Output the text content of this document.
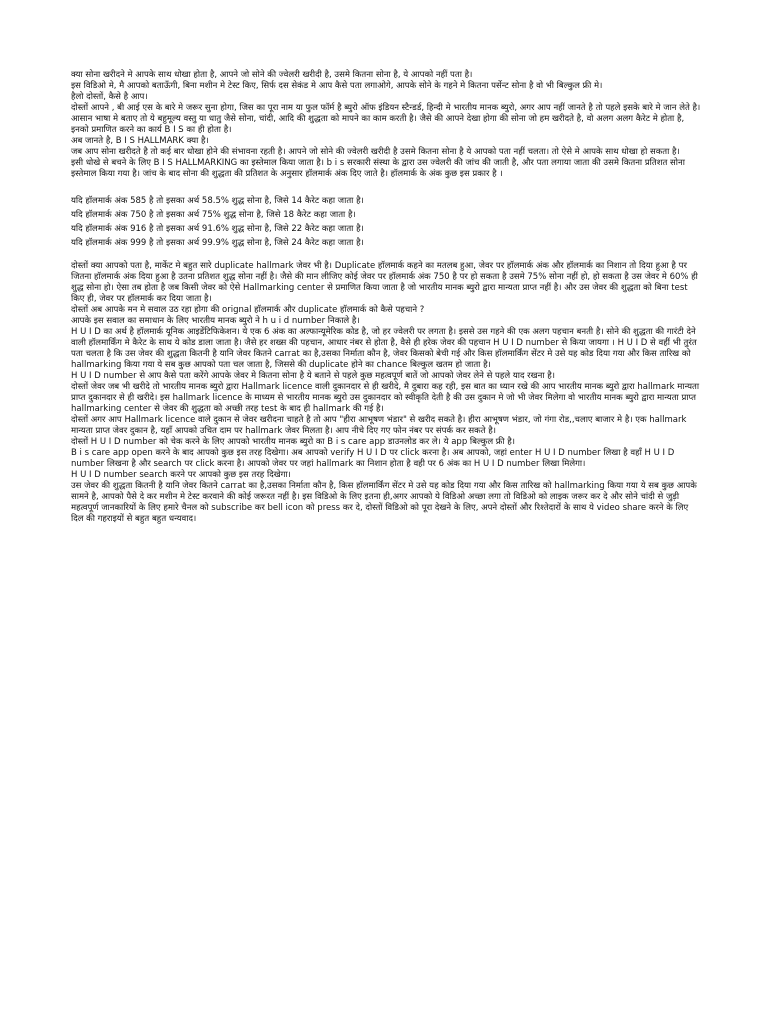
क्या सोना खरीदने मे आपके साथ धोखा होता है, आपने जो सोने की ज्वेलरी खरीदी है, उसमे कितना सोना है, ये आपको नहीं पता है।

इस विडिओ मे, मै आपको बताऊँगी, बिना मशीन मे टेस्ट किए, सिर्फ दस सेकंड मे आप कैसे पता लगाओगे, आपके सोने के गहने मे कितना पर्सेन्ट सोना है वो भी बिल्कुल फ्री मे।

हैलो दोस्तों, कैसे है आप।

दोस्तों आपने , बी आई एस के बारे मे जरूर सुना होगा, जिस का पूरा नाम या फुल फॉर्म है ब्युरो ऑफ इंडियन स्टैन्डर्ड, हिन्दी मे भारतीय मानक ब्युरो, अगर आप नहीं जानते है तो पहले इसके बारे मे जान लेते है। आसान भाषा मे बताए तो ये बहुमूल्य वस्तु या धातु जैसे सोना, चांदी, आदि की शुद्धता को मापने का काम करती है। जैसे की आपने देखा होगा की सोना जो हम खरीदते है, वो अलग अलग कैरेट मे होता है, इनको प्रमाणित करने का कार्य B I S का ही होता है।

अब जानते है, B I S HALLMARK क्या है।

जब आप सोना खरीदते है तो कई बार धोखा होने की संभावना रहती है। आपने जो सोने की ज्वेलरी खरीदी है उसमे कितना सोना है ये आपको पता नहीं चलता। तो ऐसे मे आपके साथ धोखा हो सकता है।

इसी धोखे से बचने के लिए B I S HALLMARKING का इस्तेमाल किया जाता है। b i s सरकारी संस्था के द्वारा उस ज्वेलरी की जांच की जाती है, और पता लगाया जाता की उसमे कितना प्रतिशत सोना इस्तेमाल किया गया है। जांच के बाद सोना की शुद्धता की प्रतिशत के अनुसार हॉलमार्क अंक दिए जाते है। हॉलमार्क के अंक कुछ इस प्रकार है ।

यदि हॉलमार्क अंक 585 है तो इसका अर्थ 58.5% शुद्ध सोना है, जिसे 14 कैरेट कहा जाता है।
यदि हॉलमार्क अंक 750 है तो इसका अर्थ 75% शुद्ध सोना है, जिसे 18 कैरेट कहा जाता है।
यदि हॉलमार्क अंक 916 है तो इसका अर्थ 91.6% शुद्ध सोना है, जिसे 22 कैरेट कहा जाता है।
यदि हॉलमार्क अंक 999 है तो इसका अर्थ 99.9% शुद्ध सोना है, जिसे 24 कैरेट कहा जाता है।

दोस्तों क्या आपको पता है, मार्केट मे बहुत सारे duplicate hallmark जेवर भी है। Duplicate हॉलमार्क कहने का मतलब हुआ, जेवर पर हॉलमार्क अंक और हॉलमार्क का निशान तो दिया हुआ है पर जितना हॉलमार्क अंक दिया हुआ है उतना प्रतिशत शुद्ध सोना नहीं है। जैसे की मान लीजिए कोई जेवर पर हॉलमार्क अंक 750 है पर हो सकता है उसमे 75% सोना नहीं हो, हो सकता है उस जेवर मे 60% ही शुद्ध सोना हो। ऐसा तब होता है जब किसी जेवर को ऐसे Hallmarking center से प्रमाणित किया जाता है जो भारतीय मानक ब्युरो द्वारा मान्यता प्राप्त नहीं है। और उस जेवर की शुद्धता को बिना test किए ही, जेवर पर हॉलमार्क कर दिया जाता है।

दोस्तों अब आपके मन मे सवाल उठ रहा होगा की orignal हॉलमार्क और duplicate हॉलमार्क को कैसे पहचाने ?

आपके इस सवाल का समाधान के लिए भारतीय मानक ब्युरो ने h u i d number निकाले है।

H U I D का अर्थ है हॉलमार्क यूनिक आइडेंटिफिकेशन। ये एक 6 अंक का अल्फान्यूमेरिक कोड है, जो हर ज्वेलरी पर लगता है। इससे उस गहने की एक अलग पहचान बनती है। सोने की शुद्धता की गारंटी देने वाली हॉलमार्किंग मे कैरेट के साथ ये कोड डाला जाता है। जैसे हर शख्स की पहचान, आधार नंबर से होता है, वैसे ही हरेक जेवर की पहचान H U I D number से किया जायगा । H U I D से वहीं भी तुरंत पता चलता है कि उस जेवर की शुद्धता कितनी है यानि जेवर कितने carrat का है,उसका निर्माता कौन है, जेवर किसको बेची गई और किस हॉलमार्किंग सेंटर मे उसे यह कोड दिया गया और किस तारिख को hallmarking किया गया ये सब कुछ आपको पता चल जाता है, जिससे की duplicate होने का chance बिल्कुल खतम हो जाता है।

H U I D number से आप कैसे पता करेंगे आपके जेवर मे कितना सोना है ये बताने से पहले कुछ महत्वपूर्ण बातें जो आपको जेवर लेने से पहले याद रखना है।

दोस्तों जेवर जब भी खरीदे तो भारतीय मानक ब्युरो द्वारा Hallmark licence वाली दुकानदार से ही खरीदे, मै दुबारा कह रही, इस बात का ध्यान रखे की आप भारतीय मानक ब्युरो द्वारा hallmark मान्यता प्राप्त दुकानदार से ही खरीदे। इस hallmark licence के माध्यम से भारतीय मानक ब्युरो उस दुकानदार को स्वीकृति देती है की उस दुकान मे जो भी जेवर मिलेगा वो भारतीय मानक ब्युरो द्वारा मान्यता प्राप्त hallmarking center से जेवर की शुद्धता को अच्छी तरह test के बाद ही hallmark की गई है।

दोस्तों अगर आप Hallmark licence वाले दुकान से जेवर खरीदना चाहते है तो आप "हीरा आभूषण भंडार" से खरीद सकते है। हीरा आभूषण भंडार, जो गंगा रोड,,चलाए बाजार मे है। एक hallmark मान्यता प्राप्त जेवर दुकान है, यहाँ आपको उचित दाम पर hallmark जेवर मिलता है। आप नीचे दिए गए फोन नंबर पर संपर्क कर सकते है।

दोस्तों H U I D number को चेक करने के लिए आपको भारतीय मानक ब्युरो का B i s care app डाउनलोड कर ले। ये app बिल्कुल फ्री है।

B i s care app open करने के बाद आपको कुछ इस तरह दिखेगा। अब आपको verify H U I D पर click करना है। अब आपको, जहां enter H U I D number लिखा है वहाँ H U I D number लिखना है और search पर click करना है। आपको जेवर पर जहां hallmark का निशान होता है वही पर 6 अंक का H U I D number लिखा मिलेगा।

H U I D number search करने पर आपको कुछ इस तरह दिखेगा।

उस जेवर की शुद्धता कितनी है यानि जेवर कितने carrat का है,उसका निर्माता कौन है, किस हॉलमार्किंग सेंटर मे उसे यह कोड दिया गया और किस तारिख को hallmarking किया गया ये सब कुछ आपके सामने है, आपको पैसे दे कर मशीन मे टेस्ट करवाने की कोई जरूरत नहीं है। इस विडिओ के लिए इतना ही,अगर आपको ये विडिओ अच्छा लगा तो विडिओ को लाइक जरूर कर दे और सोने चांदी से जुड़ी महत्वपूर्ण जानकारियों के लिए हमारे चैनल को subscribe कर bell icon को press कर दे, दोस्तों विडिओ को पूरा देखने के लिए, अपने दोस्तों और रिश्तेदारों के साथ ये video share करने के लिए दिल की गहराइयों से बहुत बहुत धन्यवाद।
